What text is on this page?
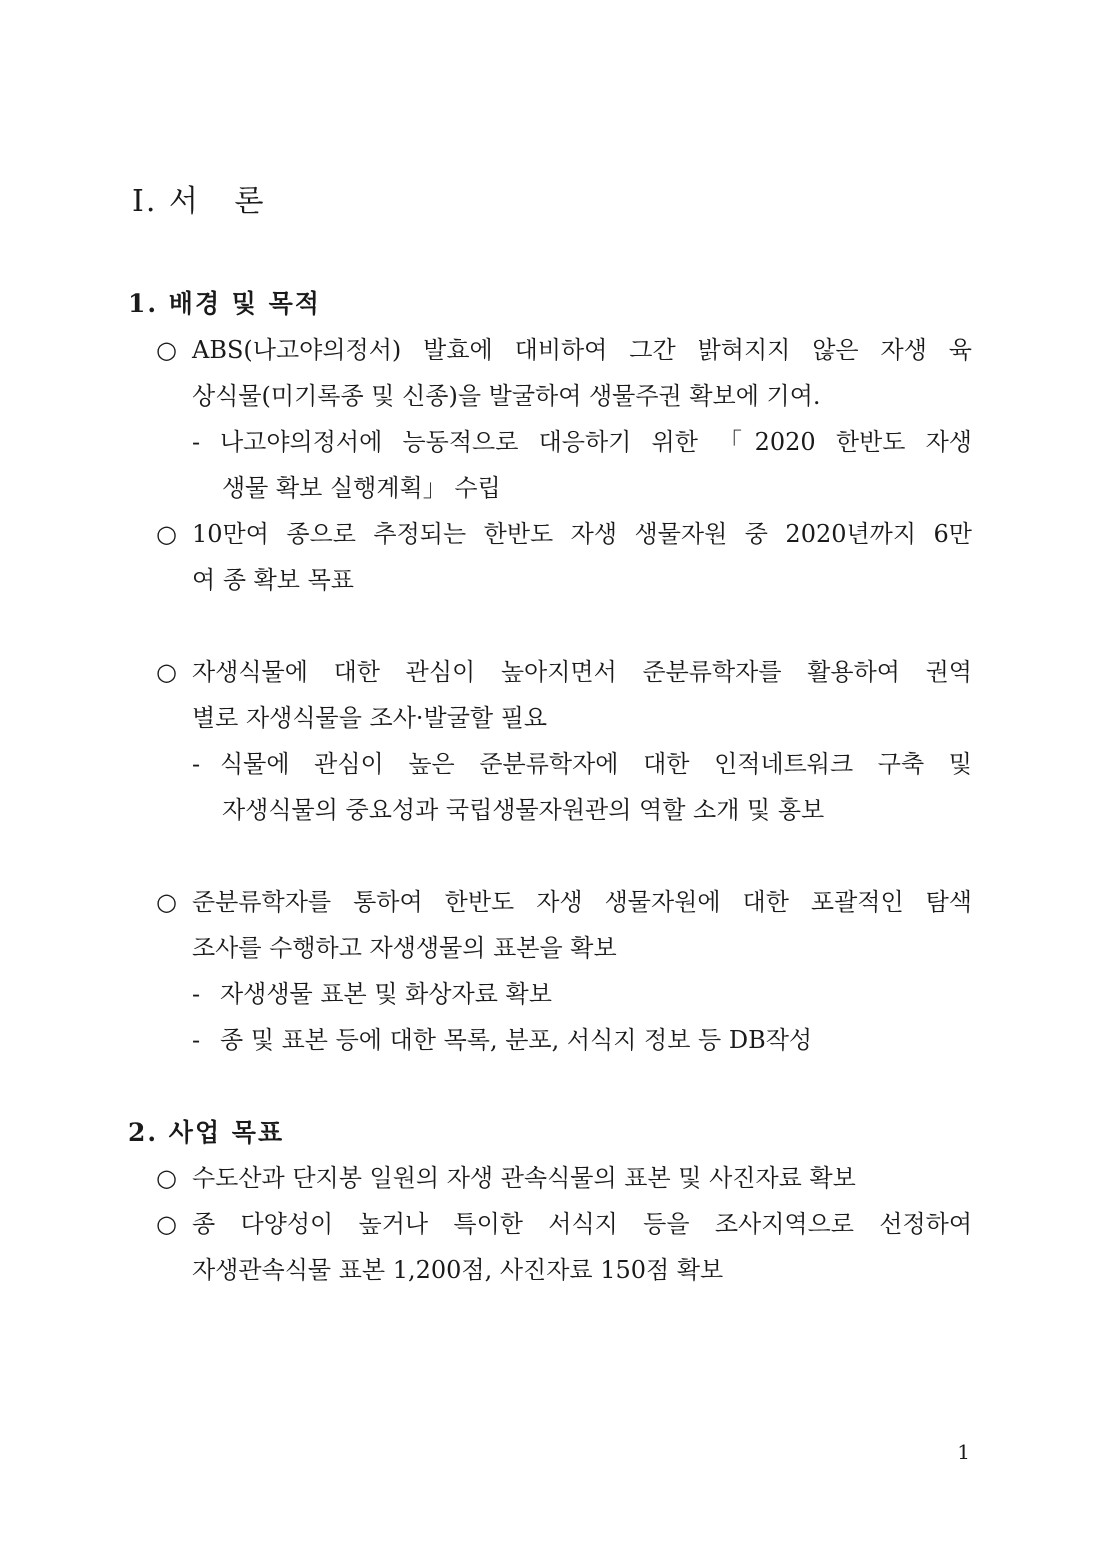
Ⅰ. 서   론
1. 배경 및 목적
○ ABS(나고야의정서) 발효에 대비하여 그간 밝혀지지 않은 자생 육
상식물(미기록종 및 신종)을 발굴하여 생물주권 확보에 기여.
- 나고야의정서에 능동적으로 대응하기 위한 「2020 한반도 자생
생물 확보 실행계획」 수립
○ 10만여 종으로 추정되는 한반도 자생 생물자원 중 2020년까지 6만
여 종 확보 목표
○ 자생식물에 대한 관심이 높아지면서 준분류학자를 활용하여 권역
별로 자생식물을 조사·발굴할 필요
- 식물에 관심이 높은 준분류학자에 대한 인적네트워크 구축 및
자생식물의 중요성과 국립생물자원관의 역할 소개 및 홍보
○ 준분류학자를 통하여 한반도 자생 생물자원에 대한 포괄적인 탐색
조사를 수행하고 자생생물의 표본을 확보
- 자생생물 표본 및 화상자료 확보
- 종 및 표본 등에 대한 목록, 분포, 서식지 정보 등 DB작성
2. 사업 목표
○ 수도산과 단지봉 일원의 자생 관속식물의 표본 및 사진자료 확보
○ 종 다양성이 높거나 특이한 서식지 등을 조사지역으로 선정하여
자생관속식물 표본 1,200점, 사진자료 150점 확보
1
